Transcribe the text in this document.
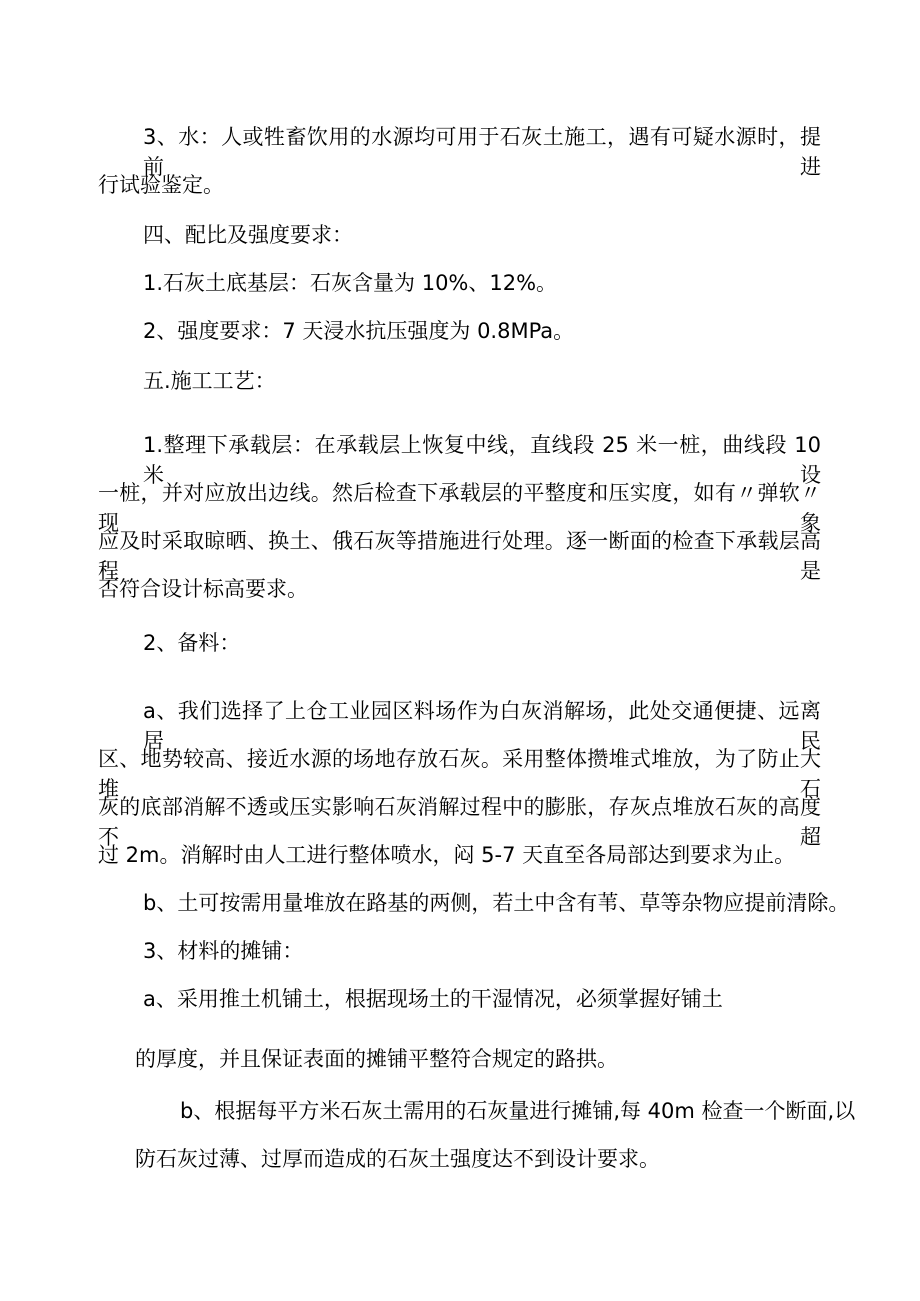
3、水：人或牲畜饮用的水源均可用于石灰土施工，遇有可疑水源时，提前进

行试验鉴定。

四、配比及强度要求：

1.石灰土底基层：石灰含量为 10%、12%。

2、强度要求：7 天浸水抗压强度为 0.8MPa。

五.施工工艺：

1.整理下承载层：在承载层上恢复中线，直线段 25 米一桩，曲线段 10 米设

一桩，并对应放出边线。然后检查下承载层的平整度和压实度，如有〃弹软〃现象

应及时采取晾晒、换土、俄石灰等措施进行处理。逐一断面的检查下承载层高程是

否符合设计标高要求。

2、备料：

a、我们选择了上仓工业园区料场作为白灰消解场，此处交通便捷、远离居民

区、地势较高、接近水源的场地存放石灰。采用整体攒堆式堆放，为了防止大堆石

灰的底部消解不透或压实影响石灰消解过程中的膨胀，存灰点堆放石灰的高度不超

过 2m。消解时由人工进行整体喷水，闷 5-7 天直至各局部达到要求为止。

b、土可按需用量堆放在路基的两侧，若土中含有苇、草等杂物应提前清除。

3、材料的摊铺：

a、采用推土机铺土，根据现场土的干湿情况，必须掌握好铺土

的厚度，并且保证表面的摊铺平整符合规定的路拱。

b、根据每平方米石灰土需用的石灰量进行摊铺,每 40m 检查一个断面,以

防石灰过薄、过厚而造成的石灰土强度达不到设计要求。
